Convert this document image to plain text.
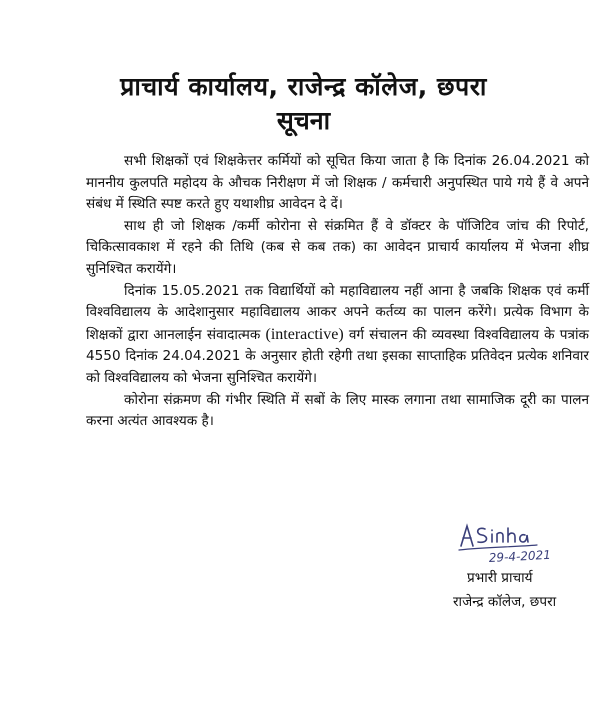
प्राचार्य कार्यालय, राजेन्द्र कॉलेज, छपरा
सूचना

सभी शिक्षकों एवं शिक्षकेत्तर कर्मियों को सूचित किया जाता है कि दिनांक 26.04.2021 को माननीय कुलपति महोदय के औचक निरीक्षण में जो शिक्षक / कर्मचारी अनुपस्थित पाये गये हैं वे अपने संबंध में स्थिति स्पष्ट करते हुए यथाशीघ्र आवेदन दे दें।

साथ ही जो शिक्षक /कर्मी कोरोना से संक्रमित हैं वे डॉक्टर के पॉजिटिव जांच की रिपोर्ट, चिकित्सावकाश में रहने की तिथि (कब से कब तक) का आवेदन प्राचार्य कार्यालय में भेजना शीघ्र सुनिश्चित करायेंगे।

दिनांक 15.05.2021 तक विद्यार्थियों को महाविद्यालय नहीं आना है जबकि शिक्षक एवं कर्मी विश्वविद्यालय के आदेशानुसार महाविद्यालय आकर अपने कर्तव्य का पालन करेंगे। प्रत्येक विभाग के शिक्षकों द्वारा आनलाईन संवादात्मक (interactive) वर्ग संचालन की व्यवस्था विश्वविद्यालय के पत्रांक 4550 दिनांक 24.04.2021 के अनुसार होती रहेगी तथा इसका साप्ताहिक प्रतिवेदन प्रत्येक शनिवार को विश्वविद्यालय को भेजना सुनिश्चित करायेंगे।

कोरोना संक्रमण की गंभीर स्थिति में सबों के लिए मास्क लगाना तथा सामाजिक दूरी का पालन करना अत्यंत आवश्यक है।

29-4-2021
प्रभारी प्राचार्य
राजेन्द्र कॉलेज, छपरा
